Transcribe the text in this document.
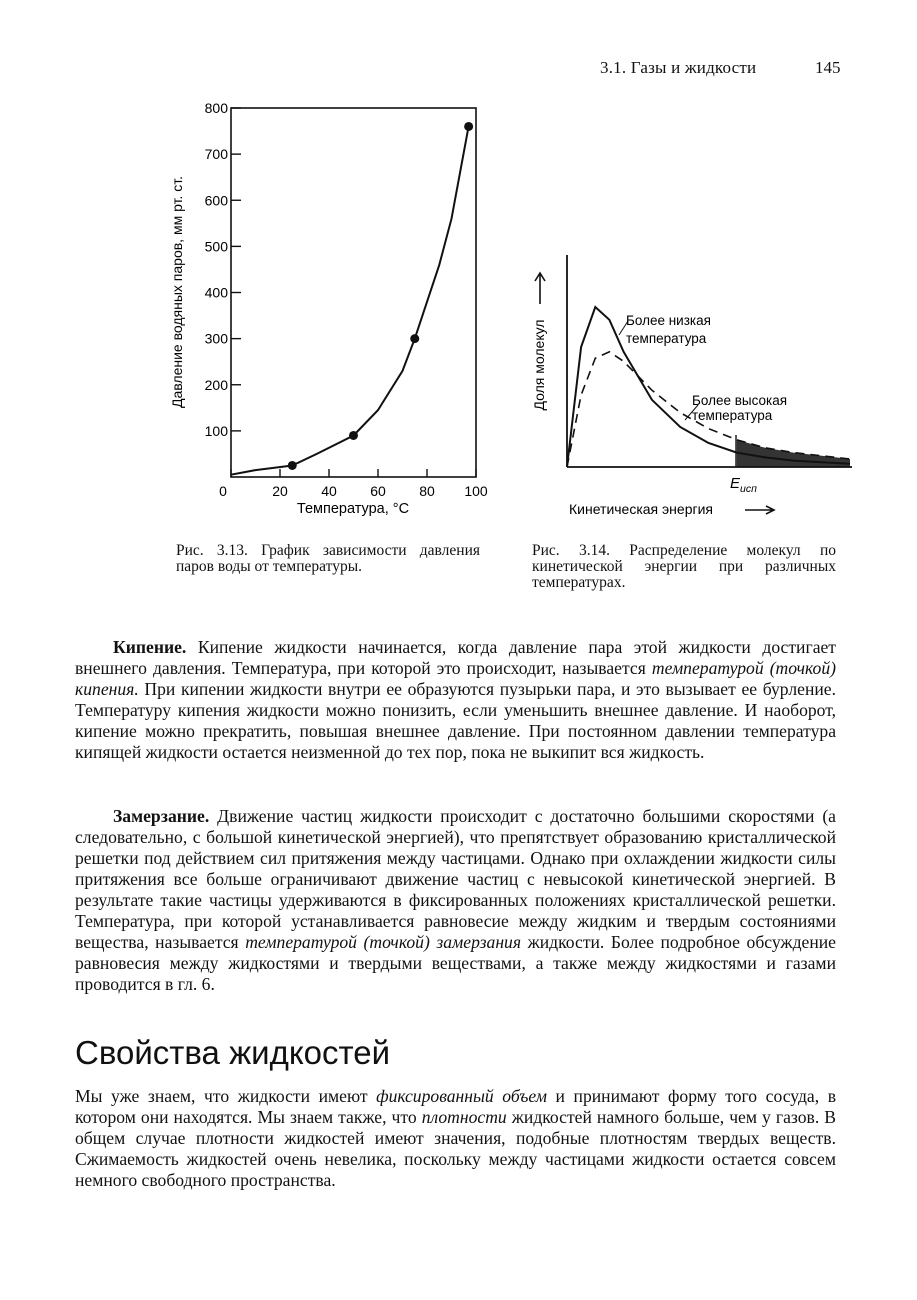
3.1. Газы и жидкости	145
100
200
300
400
500
600
700
800
0	20 40 60 80 100
Давление водяных паров, мм рт. ст.
Температура, °C
Более низкая
температура
Более высокая
температура
$E_{исп}$
Доля молекул
Кинетическая энергия
Рис. 3.13. График зависимости давления паров воды от температуры.
Рис. 3.14. Распределение молекул по кинетической энергии при различных температурах.
Кипение. Кипение жидкости начинается, когда давление пара этой жидкости достигает внешнего давления. Температура, при которой это происходит, называется температурой (точкой) кипения. При кипении жидкости внутри ее образуются пузырьки пара, и это вызывает ее бурление. Температуру кипения жидкости можно понизить, если уменьшить внешнее давление. И наоборот, кипение можно прекратить, повышая внешнее давление. При постоянном давлении температура кипящей жидкости остается неизменной до тех пор, пока не выкипит вся жидкость.
Замерзание. Движение частиц жидкости происходит с достаточно большими скоростями (а следовательно, с большой кинетической энергией), что препятствует образованию кристаллической решетки под действием сил притяжения между частицами. Однако при охлаждении жидкости силы притяжения все больше ограничивают движение частиц с невысокой кинетической энергией. В результате такие частицы удерживаются в фиксированных положениях кристаллической решетки. Температура, при которой устанавливается равновесие между жидким и твердым состояниями вещества, называется температурой (точкой) замерзания жидкости. Более подробное обсуждение равновесия между жидкостями и твердыми веществами, а также между жидкостями и газами проводится в гл. 6.
Свойства жидкостей
Мы уже знаем, что жидкости имеют фиксированный объем и принимают форму того сосуда, в котором они находятся. Мы знаем также, что плотности жидкостей намного больше, чем у газов. В общем случае плотности жидкостей имеют значения, подобные плотностям твердых веществ. Сжимаемость жидкостей очень невелика, поскольку между частицами жидкости остается совсем немного свободного пространства.
